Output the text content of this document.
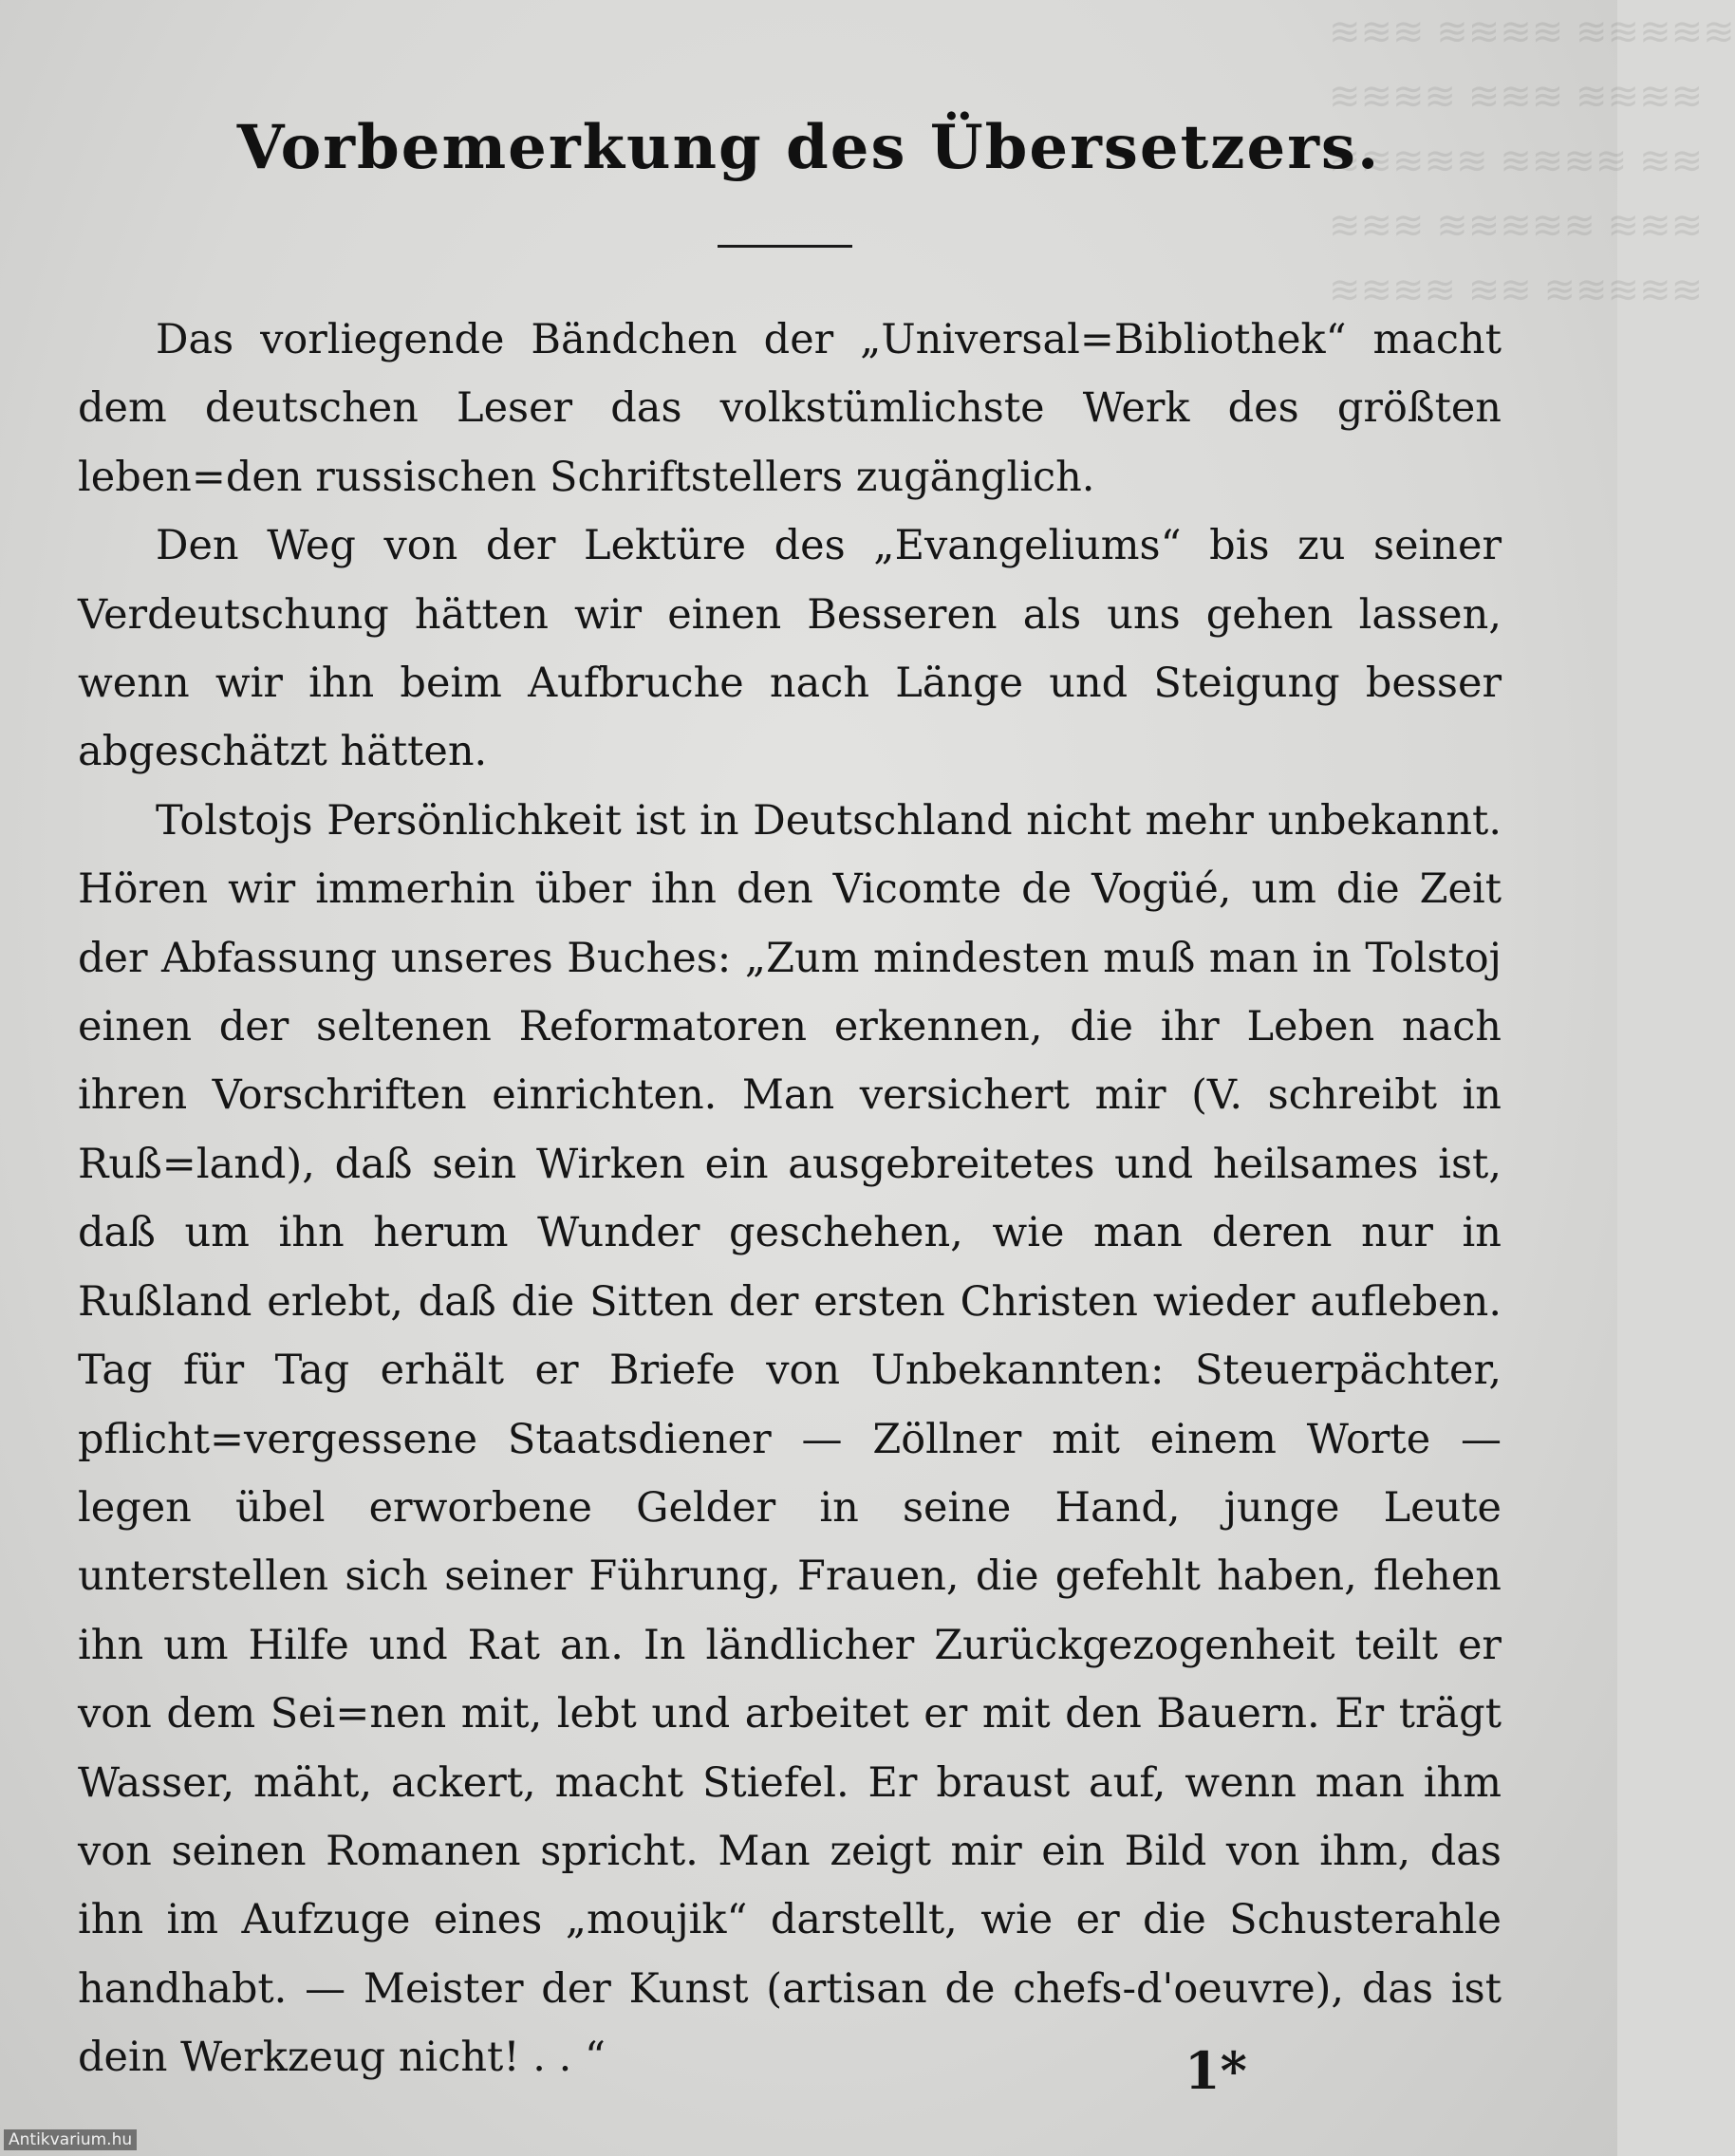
≋≋≋ ≋≋≋≋ ≋≋≋≋≋
≋≋≋≋ ≋≋≋ ≋≋≋≋
≋≋≋≋≋ ≋≋≋≋ ≋≋
≋≋≋ ≋≋≋≋≋ ≋≋≋
≋≋≋≋ ≋≋ ≋≋≋≋≋
Vorbemerkung des Übersetzers.

Das vorliegende Bändchen der „Universal=Bibliothek“ macht dem deutschen Leser das volkstümlichste Werk des größten leben=den russischen Schriftstellers zugänglich.

Den Weg von der Lektüre des „Evangeliums“ bis zu seiner Verdeutschung hätten wir einen Besseren als uns gehen lassen, wenn wir ihn beim Aufbruche nach Länge und Steigung besser abgeschätzt hätten.

Tolstojs Persönlichkeit ist in Deutschland nicht mehr unbekannt. Hören wir immerhin über ihn den Vicomte de Vogüé, um die Zeit der Abfassung unseres Buches: „Zum mindesten muß man in Tolstoj einen der seltenen Reformatoren erkennen, die ihr Leben nach ihren Vorschriften einrichten. Man versichert mir (V. schreibt in Ruß=land), daß sein Wirken ein ausgebreitetes und heilsames ist, daß um ihn herum Wunder geschehen, wie man deren nur in Rußland erlebt, daß die Sitten der ersten Christen wieder aufleben. Tag für Tag erhält er Briefe von Unbekannten: Steuerpächter, pflicht=vergessene Staatsdiener — Zöllner mit einem Worte — legen übel erworbene Gelder in seine Hand, junge Leute unterstellen sich seiner Führung, Frauen, die gefehlt haben, flehen ihn um Hilfe und Rat an. In ländlicher Zurückgezogenheit teilt er von dem Sei=nen mit, lebt und arbeitet er mit den Bauern. Er trägt Wasser, mäht, ackert, macht Stiefel. Er braust auf, wenn man ihm von seinen Romanen spricht. Man zeigt mir ein Bild von ihm, das ihn im Aufzuge eines „moujik“ darstellt, wie er die Schusterahle handhabt. — Meister der Kunst (artisan de chefs-d'oeuvre), das ist dein Werkzeug nicht! . . “	1*
Antikvarium.hu
